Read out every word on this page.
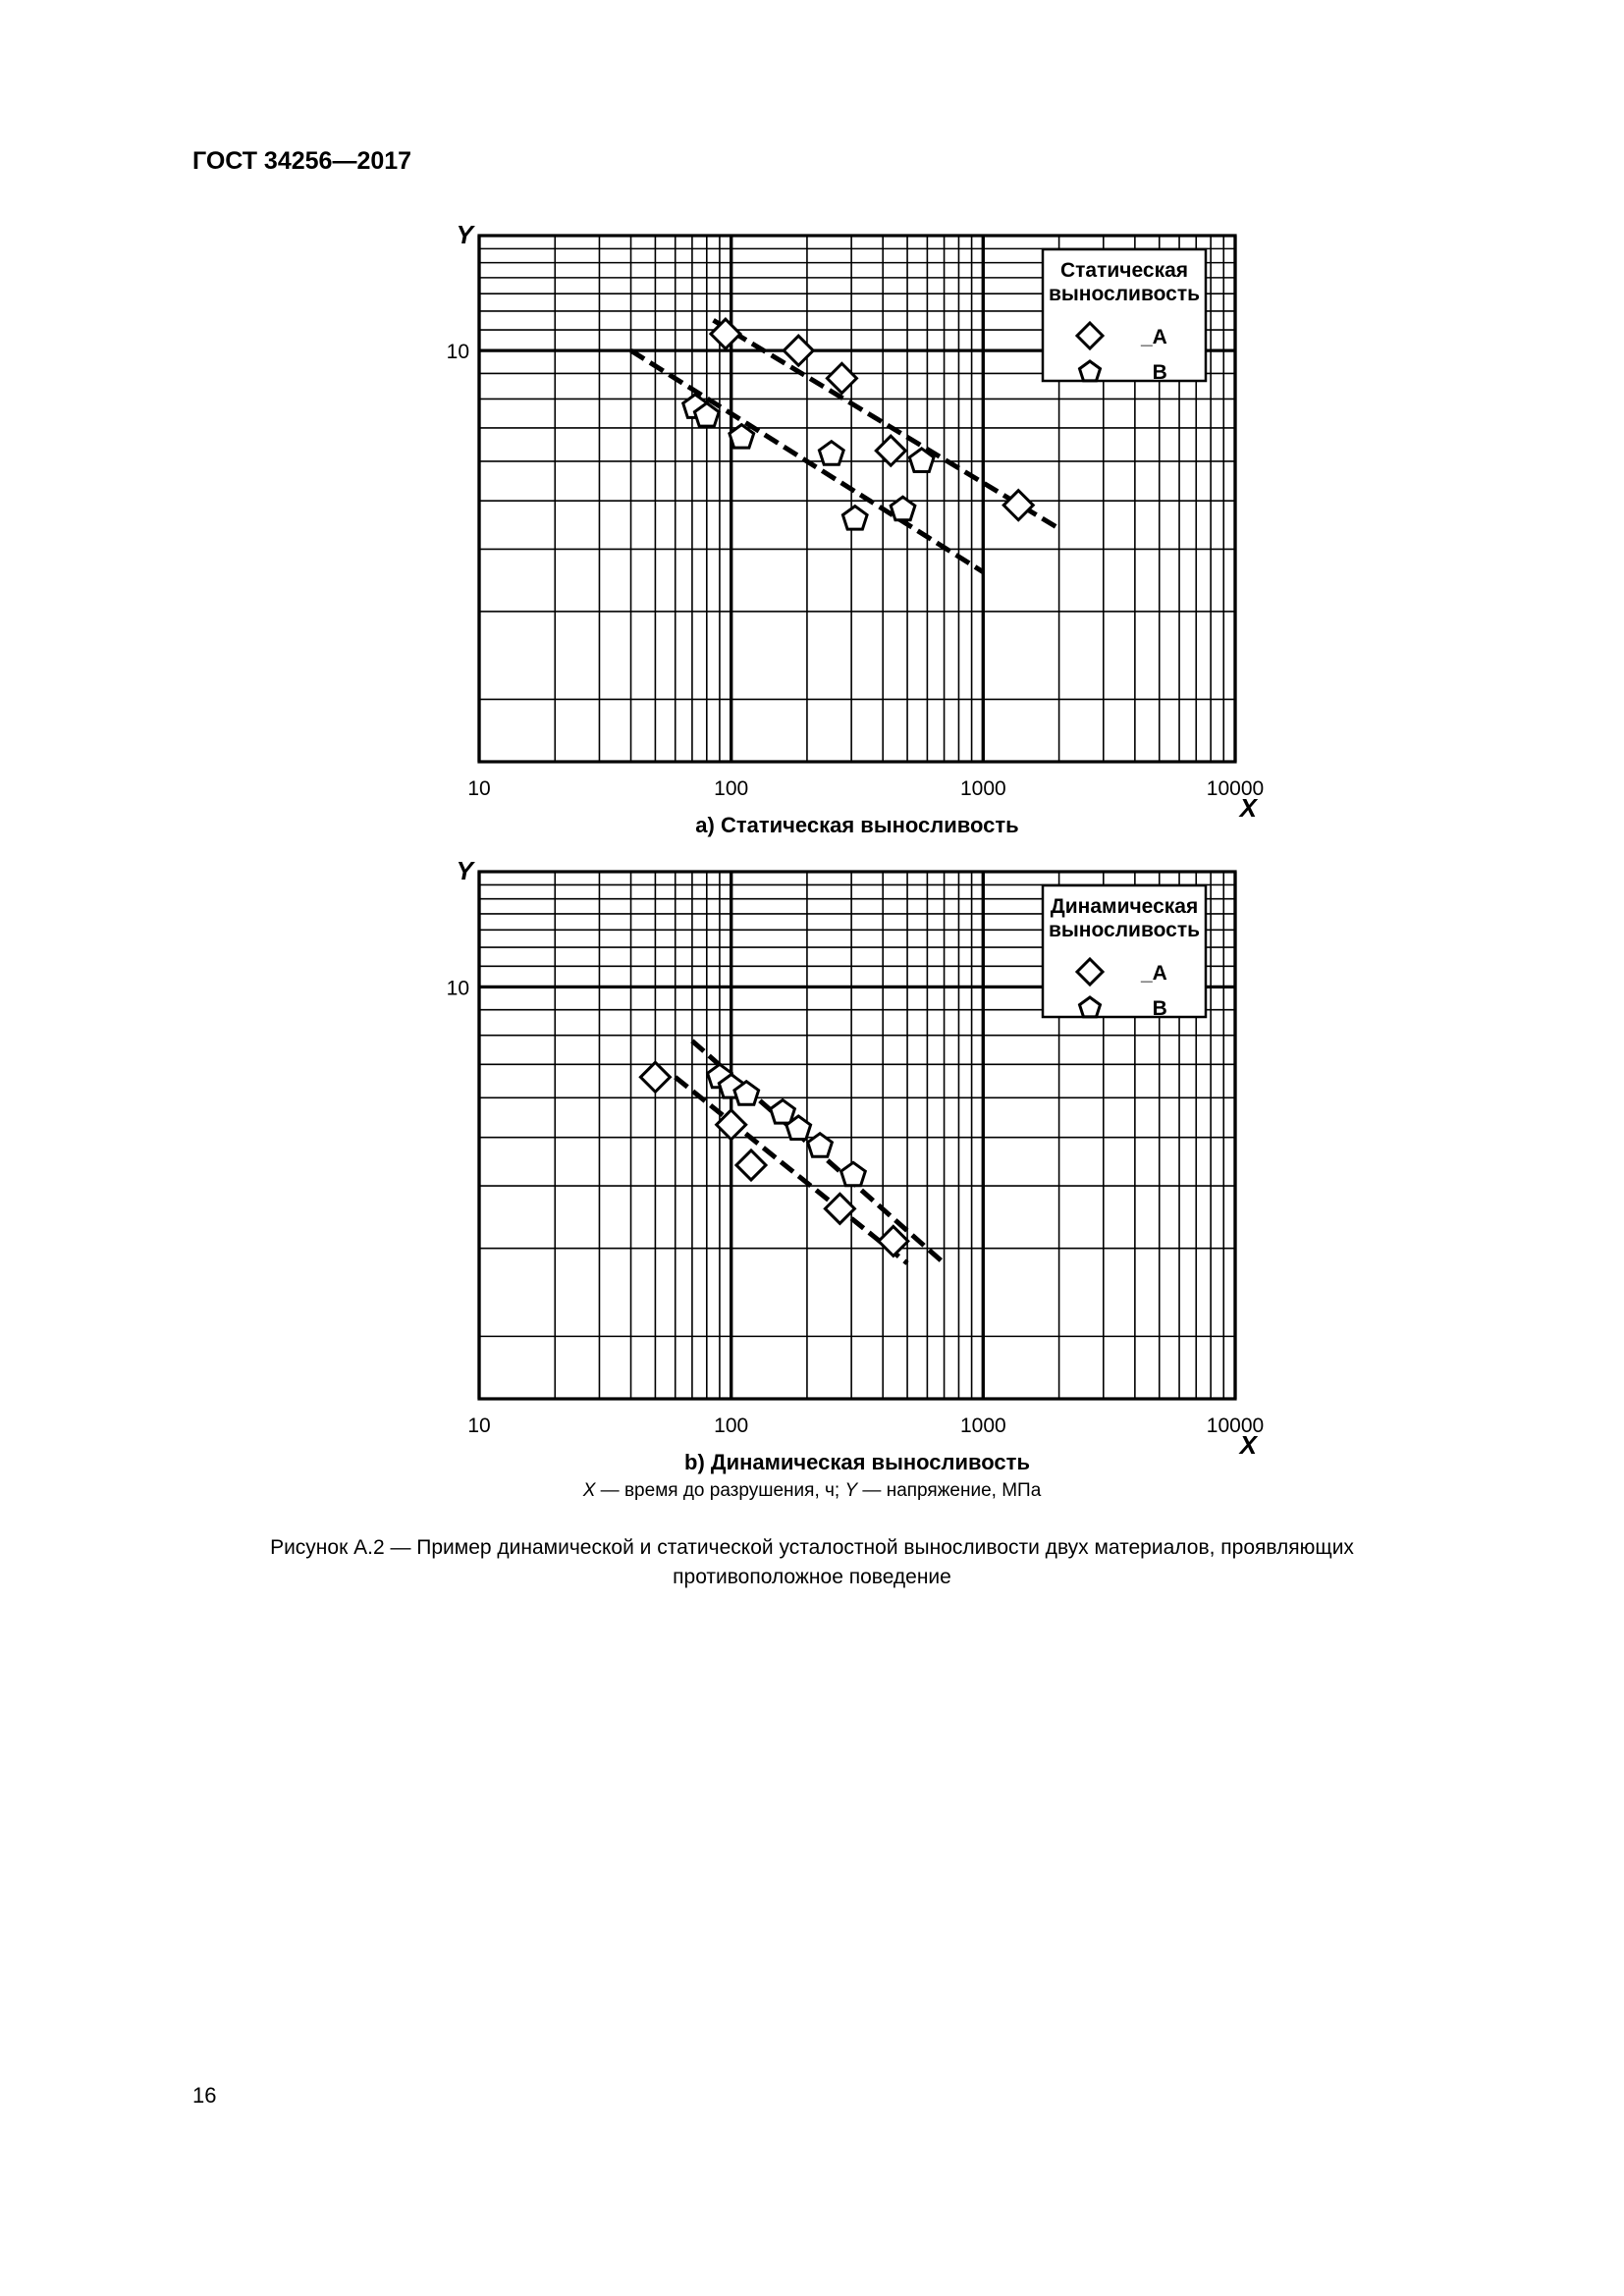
ГОСТ 34256—2017
10	100	1000	10000
10
X
Y
a) Статическая выносливость
Статическая
выносливость
_A
_B
10	100	1000	10000
10
X
Y
b) Динамическая выносливость
Динамическая
выносливость
_A
_B
X — время до разрушения, ч; Y — напряжение, МПа
Рисунок А.2 — Пример динамической и статической усталостной выносливости двух материалов, проявляющих
противоположное поведение
16
